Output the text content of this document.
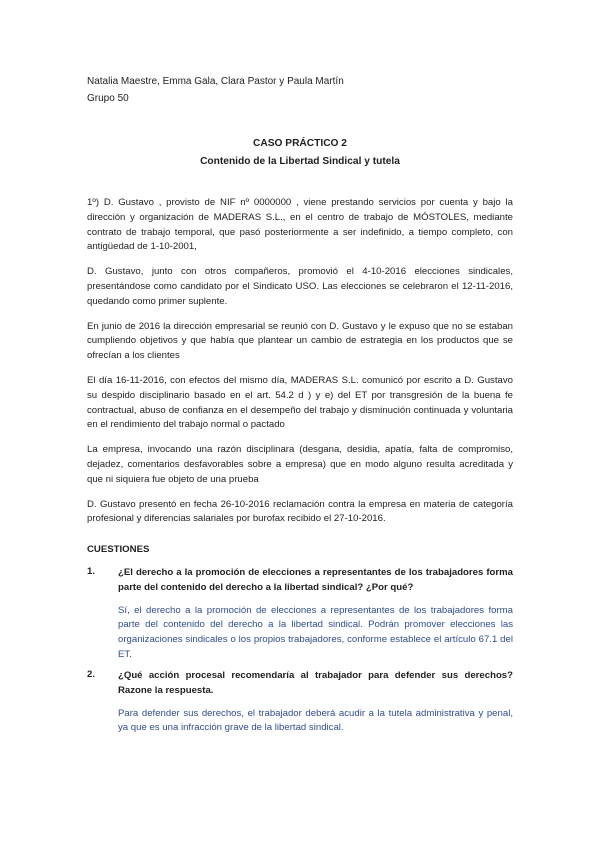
Natalia Maestre, Emma Gala, Clara Pastor y Paula Martín
Grupo 50
CASO PRÁCTICO 2
Contenido de la Libertad Sindical y tutela

1º) D. Gustavo , provisto de NIF nº 0000000 , viene prestando servicios por cuenta y bajo la dirección y organización de MADERAS S.L., en el centro de trabajo de MÓSTOLES, mediante contrato de trabajo temporal, que pasó posteriormente a ser indefinido, a tiempo completo, con antigüedad de 1-10-2001,

D. Gustavo, junto con otros compañeros, promovió el 4-10-2016 elecciones sindicales, presentándose como candidato por el Sindicato USO. Las elecciones se celebraron el 12-11-2016, quedando como primer suplente.

En junio de 2016 la dirección empresarial se reunió con D. Gustavo y le expuso que no se estaban cumpliendo objetivos y que había que plantear un cambio de estrategia en los productos que se ofrecían a los clientes

El día 16-11-2016, con efectos del mismo día, MADERAS S.L. comunicó por escrito a D. Gustavo su despido disciplinario basado en el art. 54.2 d ) y e) del ET por transgresión de la buena fe contractual, abuso de confianza en el desempeño del trabajo y disminución continuada y voluntaria en el rendimiento del trabajo normal o pactado

La empresa, invocando una razón disciplinara (desgana, desidia, apatía, falta de compromiso, dejadez, comentarios desfavorables sobre a empresa) que en modo alguno resulta acreditada y que ni siquiera fue objeto de una prueba

D. Gustavo presentó en fecha 26-10-2016 reclamación contra la empresa en materia de categoría profesional y diferencias salariales por burofax recibido el 27-10-2016.

CUESTIONES
1. ¿El derecho a la promoción de elecciones a representantes de los trabajadores forma parte del contenido del derecho a la libertad sindical? ¿Por qué?
Sí, el derecho a la promoción de elecciones a representantes de los trabajadores forma parte del contenido del derecho a la libertad sindical. Podrán promover elecciones las organizaciones sindicales o los propios trabajadores, conforme establece el artículo 67.1 del ET.
2. ¿Qué acción procesal recomendaría al trabajador para defender sus derechos? Razone la respuesta.
Para defender sus derechos, el trabajador deberá acudir a la tutela administrativa y penal, ya que es una infracción grave de la libertad sindical.
